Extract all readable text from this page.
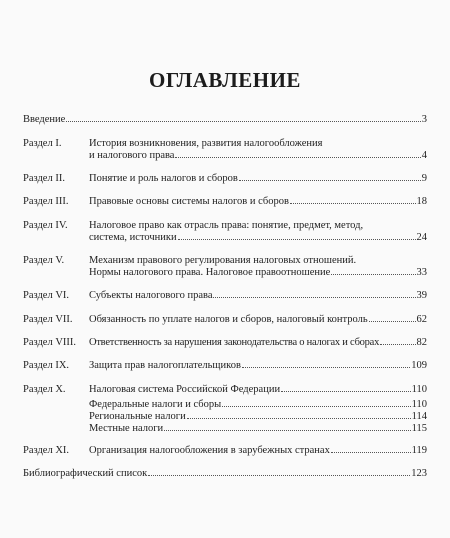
ОГЛАВЛЕНИЕ
Введение	3
Раздел I.	История возникновения, развития налогообложения
и налогового права	4
Раздел II. Понятие и роль налогов и сборов	9
Раздел III. Правовые основы системы налогов и сборов	18
Раздел IV. Налоговое право как отрасль права: понятие, предмет, метод,
система, источники	24
Раздел V. Механизм правового регулирования налоговых отношений.
Нормы налогового права. Налоговое правоотношение	33
Раздел VI. Субъекты налогового права	39
Раздел VII. Обязанность по уплате налогов и сборов, налоговый контроль	62
Раздел VIII. Ответственность за нарушения законодательства о налогах и сборах	82
Раздел IX. Защита прав налогоплательщиков	109
Раздел X. Налоговая система Российской Федерации	110
Федеральные налоги и сборы	110
Региональные налоги	114
Местные налоги	115
Раздел XI. Организация налогообложения в зарубежных странах	119
Библиографический список	123
